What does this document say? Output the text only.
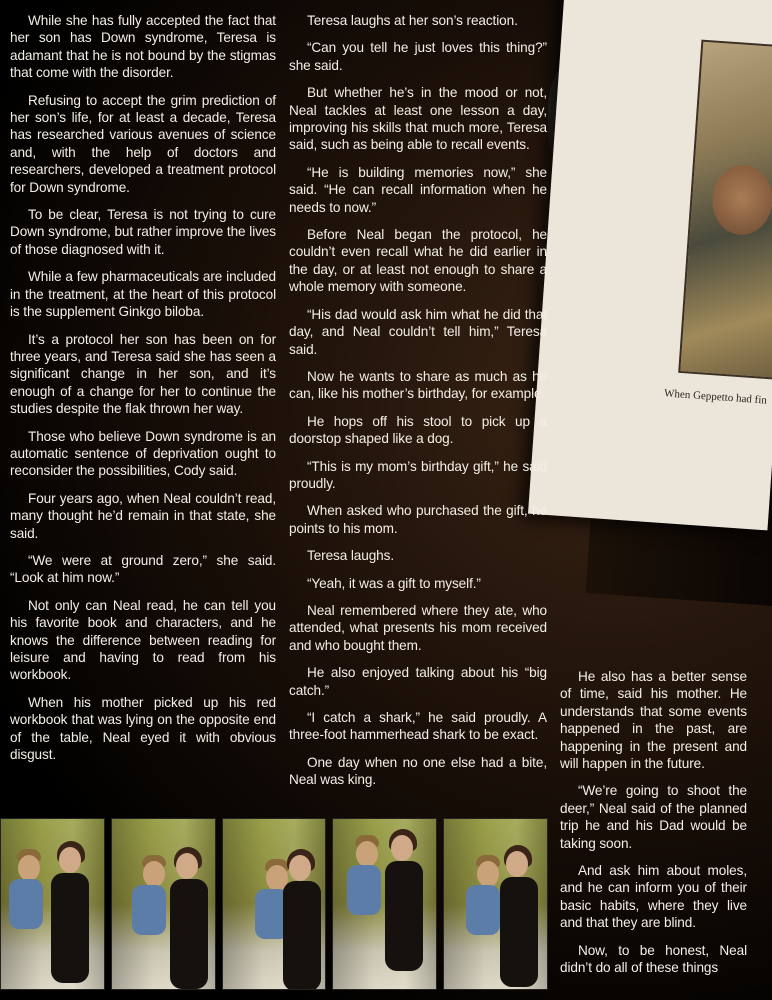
When Geppetto had fin

While she has fully accepted the fact that her son has Down syndrome, Teresa is adamant that he is not bound by the stigmas that come with the disorder.

Refusing to accept the grim prediction of her son’s life, for at least a decade, Teresa has researched various avenues of science and, with the help of doctors and researchers, developed a treatment protocol for Down syndrome.

To be clear, Teresa is not trying to cure Down syndrome, but rather improve the lives of those diagnosed with it.

While a few pharmaceuticals are included in the treatment, at the heart of this protocol is the supplement Ginkgo biloba.

It’s a protocol her son has been on for three years, and Teresa said she has seen a significant change in her son, and it’s enough of a change for her to continue the studies despite the flak thrown her way.

Those who believe Down syndrome is an automatic sentence of deprivation ought to reconsider the possibilities, Cody said.

Four years ago, when Neal couldn’t read, many thought he’d remain in that state, she said.

“We were at ground zero,” she said. “Look at him now.”

Not only can Neal read, he can tell you his favorite book and characters, and he knows the difference between reading for leisure and having to read from his workbook.

When his mother picked up his red workbook that was lying on the opposite end of the table, Neal eyed it with obvious disgust.

Teresa laughs at her son’s reaction.

“Can you tell he just loves this thing?” she said.

But whether he’s in the mood or not, Neal tackles at least one lesson a day, improving his skills that much more, Teresa said, such as being able to recall events.

“He is building memories now,” she said. “He can recall information when he needs to now.”

Before Neal began the protocol, he couldn’t even recall what he did earlier in the day, or at least not enough to share a whole memory with someone.

“His dad would ask him what he did that day, and Neal couldn’t tell him,” Teresa said.

Now he wants to share as much as he can, like his mother’s birthday, for example.

He hops off his stool to pick up a doorstop shaped like a dog.

“This is my mom’s birthday gift,” he said proudly.

When asked who purchased the gift, he points to his mom.

Teresa laughs.

“Yeah, it was a gift to myself.”

Neal remembered where they ate, who attended, what presents his mom received and who bought them.

He also enjoyed talking about his “big catch.”

“I catch a shark,” he said proudly. A three-foot hammerhead shark to be exact.

One day when no one else had a bite, Neal was king.

He also has a better sense of time, said his mother. He understands that some events happened in the past, are happening in the present and will happen in the future.

“We’re going to shoot the deer,” Neal said of the planned trip he and his Dad would be taking soon.

And ask him about moles, and he can inform you of their basic habits, where they live and that they are blind.

Now, to be honest, Neal didn’t do all of these things
